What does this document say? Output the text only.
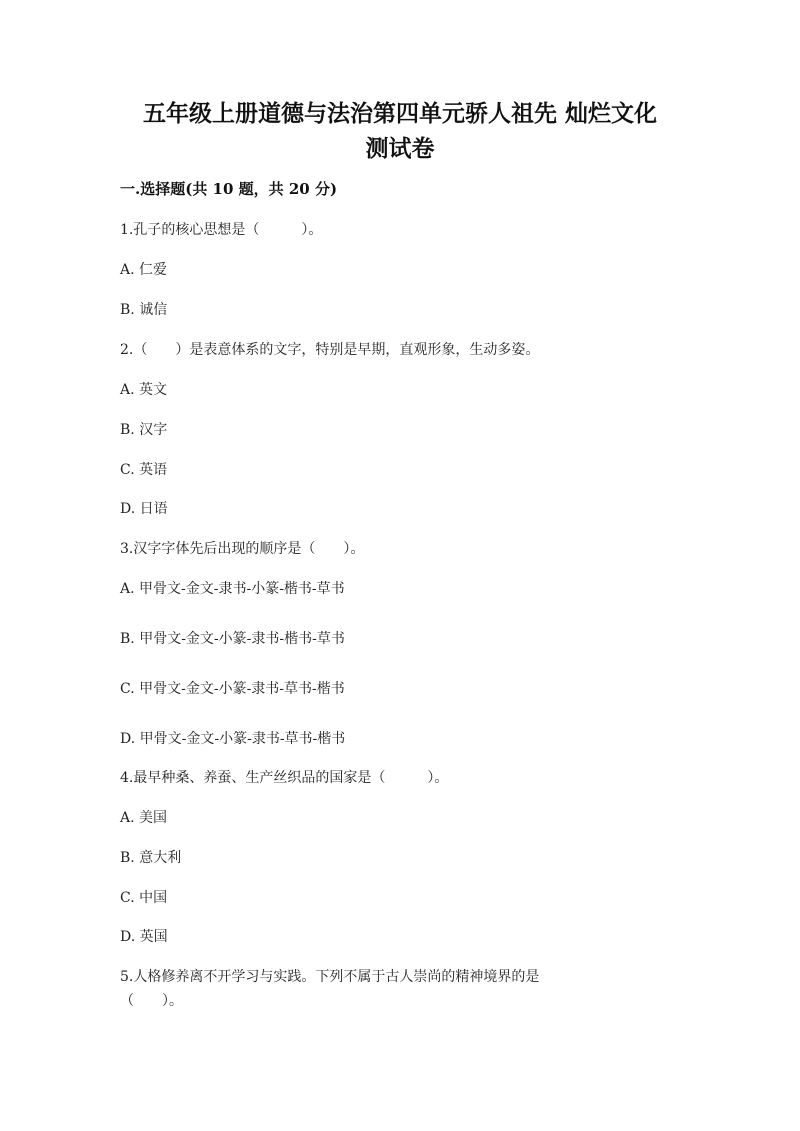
五年级上册道德与法治第四单元骄人祖先 灿烂文化
测试卷
一.选择题(共 10 题，共 20 分)
1.孔子的核心思想是（　　　）。
A. 仁爱
B. 诚信
2.（　　）是表意体系的文字，特别是早期，直观形象，生动多姿。
A. 英文
B. 汉字
C. 英语
D. 日语
3.汉字字体先后出现的顺序是（　　）。
A. 甲骨文-金文-隶书-小篆-楷书-草书
B. 甲骨文-金文-小篆-隶书-楷书-草书
C. 甲骨文-金文-小篆-隶书-草书-楷书
D. 甲骨文-金文-小篆-隶书-草书-楷书
4.最早种桑、养蚕、生产丝织品的国家是（　　　）。
A. 美国
B. 意大利
C. 中国
D. 英国
5.人格修养离不开学习与实践。下列不属于古人崇尚的精神境界的是
（　　）。
